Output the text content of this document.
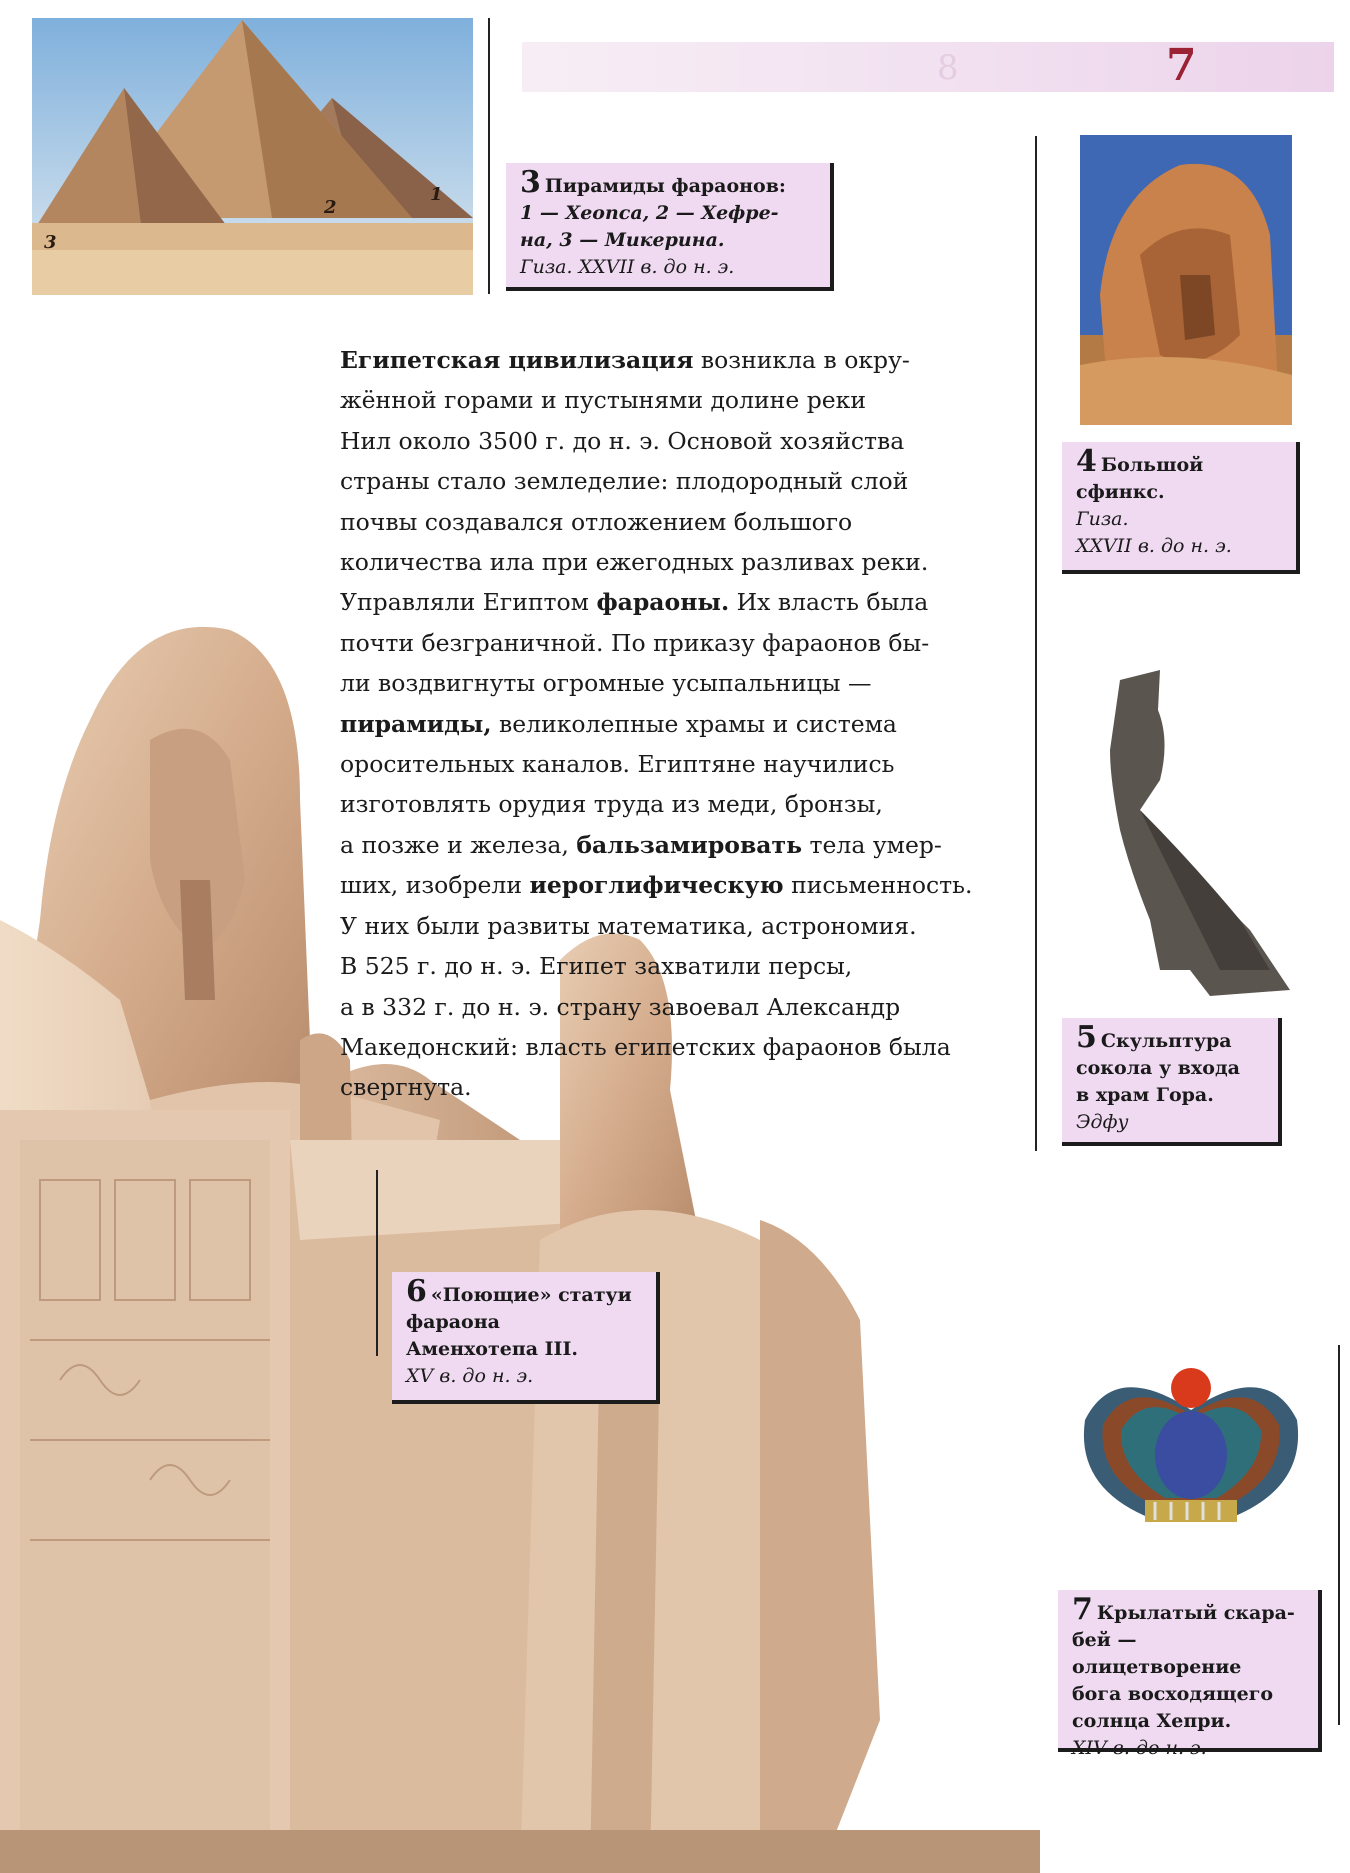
8	7
1
2
3
3 Пирамиды фараонов:
1 — Хеопса, 2 — Хефре-
на, 3 — Микерина.
Гиза. XXVII в. до н. э.
4 Большой сфинкс.
Гиза.
XXVII в. до н. э.
5 Скульптура
сокола у входа
в храм Гора.
Эдфу
7 Крылатый скара-
бей — олицетворение
бога восходящего
солнца Хепри.
XIV в. до н. э.
6 «Поющие» статуи
фараона
Аменхотепа III.
XV в. до н. э.
Египетская цивилизация возникла в окру-
жённой горами и пустынями долине реки
Нил около 3500 г. до н. э. Основой хозяйства
страны стало земледелие: плодородный слой
почвы создавался отложением большого
количества ила при ежегодных разливах реки.
Управляли Египтом фараоны. Их власть была
почти безграничной. По приказу фараонов бы-
ли воздвигнуты огромные усыпальницы —
пирамиды, великолепные храмы и система
оросительных каналов. Египтяне научились
изготовлять орудия труда из меди, бронзы,
а позже и железа, бальзамировать тела умер-
ших, изобрели иероглифическую письменность.
У них были развиты математика, астрономия.
В 525 г. до н. э. Египет захватили персы,
а в 332 г. до н. э. страну завоевал Александр
Македонский: власть египетских фараонов была
свергнута.
